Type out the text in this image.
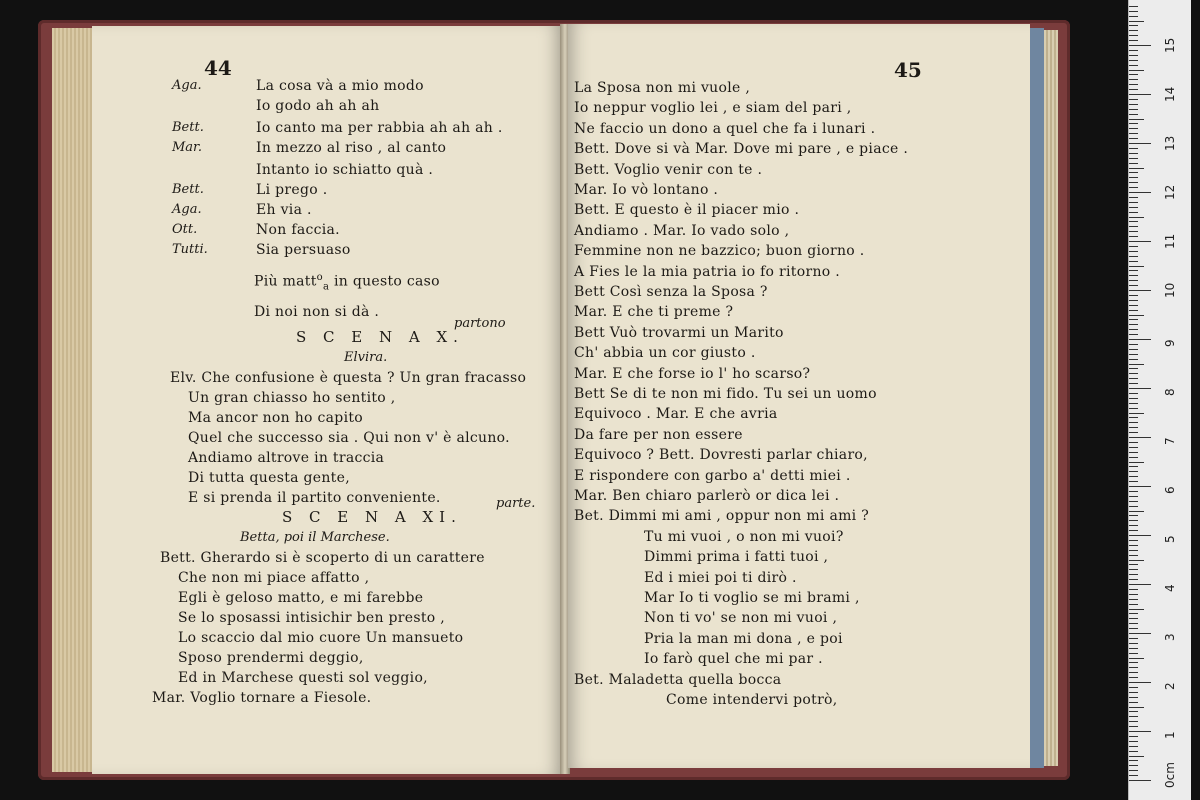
44
Aga.	La cosa và a mio modo
Io godo ah ah ah
Bett.	Io canto ma per rabbia ah ah ah .
Mar.	In mezzo al riso , al canto
Intanto io schiatto quà .
Bett.	Li prego .
Aga.	Eh via .
Ott.	Non faccia.
Tutti.	Sia persuaso
Più matt$^o_a$ in questo caso
Di noi non si dà .
partono
S C E N A X.
Elvira.
Elv. Che confusione è questa ? Un gran fracasso
Un gran chiasso ho sentito ,
Ma ancor non ho capito
Quel che successo sia . Qui non v' è alcuno.
Andiamo altrove in traccia
Di tutta questa gente,
E si prenda il partito conveniente.	parte.
S C E N A XI.
Betta, poi il Marchese.
Bett. Gherardo si è scoperto di un carattere
Che non mi piace affatto ,
Egli è geloso matto, e mi farebbe
Se lo sposassi intisichir ben presto ,
Lo scaccio dal mio cuore Un mansueto
Sposo prendermi deggio,
Ed in Marchese questi sol veggio,
Mar. Voglio tornare a Fiesole.
45
La Sposa non mi vuole ,
Io neppur voglio lei , e siam del pari ,
Ne faccio un dono a quel che fa i lunari .
Bett. Dove si và Mar. Dove mi pare , e piace .
Bett. Voglio venir con te .
Mar. Io vò lontano .
Bett. E questo è il piacer mio .
Andiamo . Mar. Io vado solo ,
Femmine non ne bazzico; buon giorno .
A Fies le la mia patria io fo ritorno .
Bett Così senza la Sposa ?
Mar. E che ti preme ?
Bett Vuò trovarmi un Marito
Ch' abbia un cor giusto .
Mar. E che forse io l' ho scarso?
Bett Se di te non mi fido. Tu sei un uomo
Equivoco . Mar. E che avria
Da fare per non essere
Equivoco ? Bett. Dovresti parlar chiaro,
E rispondere con garbo a' detti miei .
Mar. Ben chiaro parlerò or dica lei .
Bet. Dimmi mi ami , oppur non mi ami ?
Tu mi vuoi , o non mi vuoi?
Dimmi prima i fatti tuoi ,
Ed i miei poi ti dirò .
Mar Io ti voglio se mi brami ,
Non ti vo' se non mi vuoi ,
Pria la man mi dona , e poi
Io farò quel che mi par .
Bet. Maladetta quella bocca
Come intendervi potrò,
0cm
1
2
3
4
5
6
7
8
9
10
11
12
13
14
15
